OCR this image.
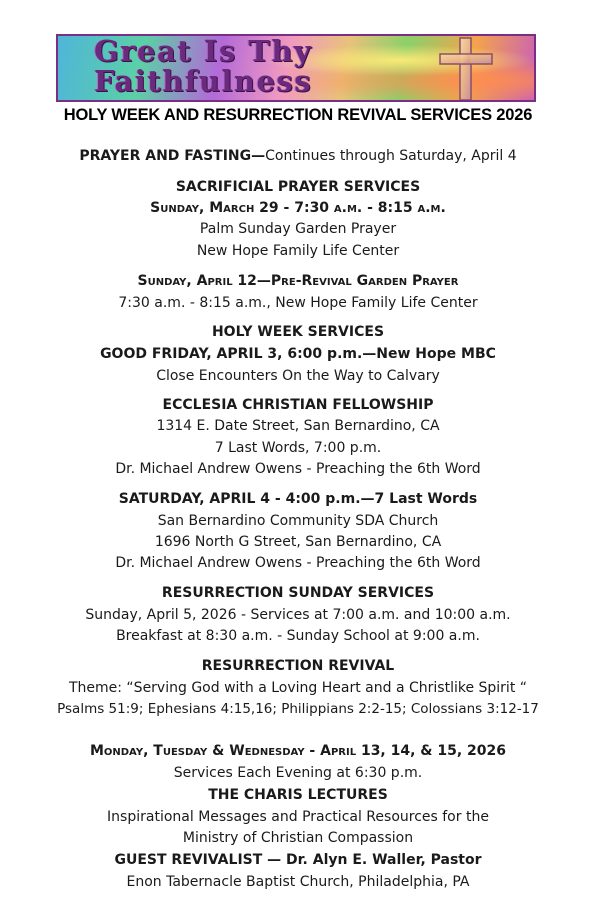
Great Is Thy
Faithfulness
HOLY WEEK AND RESURRECTION REVIVAL SERVICES 2026
PRAYER AND FASTING—Continues through Saturday, April 4
SACRIFICIAL PRAYER SERVICES
Sunday, March 29 - 7:30 a.m. - 8:15 a.m.
Palm Sunday Garden Prayer
New Hope Family Life Center
Sunday, April 12—Pre-Revival Garden Prayer
7:30 a.m. - 8:15 a.m., New Hope Family Life Center
HOLY WEEK SERVICES
GOOD FRIDAY, APRIL 3, 6:00 p.m.—New Hope MBC
Close Encounters On the Way to Calvary
ECCLESIA CHRISTIAN FELLOWSHIP
1314 E. Date Street, San Bernardino, CA
7 Last Words, 7:00 p.m.
Dr. Michael Andrew Owens - Preaching the 6th Word
SATURDAY, APRIL 4 - 4:00 p.m.—7 Last Words
San Bernardino Community SDA Church
1696 North G Street, San Bernardino, CA
Dr. Michael Andrew Owens - Preaching the 6th Word
RESURRECTION SUNDAY SERVICES
Sunday, April 5, 2026 - Services at 7:00 a.m. and 10:00 a.m.
Breakfast at 8:30 a.m. - Sunday School at 9:00 a.m.
RESURRECTION REVIVAL
Theme: “Serving God with a Loving Heart and a Christlike Spirit “
Psalms 51:9; Ephesians 4:15,16; Philippians 2:2-15; Colossians 3:12-17
Monday, Tuesday & Wednesday - April 13, 14, & 15, 2026
Services Each Evening at 6:30 p.m.
THE CHARIS LECTURES
Inspirational Messages and Practical Resources for the
Ministry of Christian Compassion
GUEST REVIVALIST — Dr. Alyn E. Waller, Pastor
Enon Tabernacle Baptist Church, Philadelphia, PA
